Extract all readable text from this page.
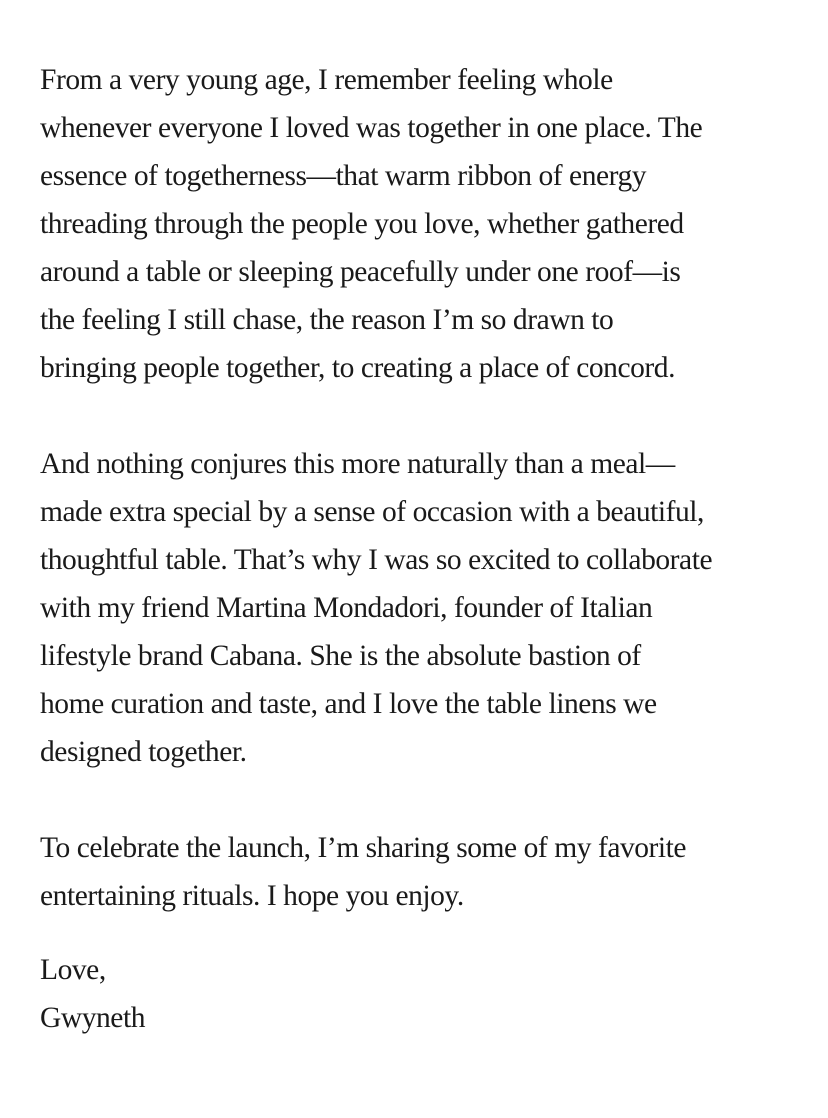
From a very young age, I remember feeling whole
whenever everyone I loved was together in one place. The
essence of togetherness—that warm ribbon of energy
threading through the people you love, whether gathered
around a table or sleeping peacefully under one roof—is
the feeling I still chase, the reason I’m so drawn to
bringing people together, to creating a place of concord.

And nothing conjures this more naturally than a meal—
made extra special by a sense of occasion with a beautiful,
thoughtful table. That’s why I was so excited to collaborate
with my friend Martina Mondadori, founder of Italian
lifestyle brand Cabana. She is the absolute bastion of
home curation and taste, and I love the table linens we
designed together.

To celebrate the launch, I’m sharing some of my favorite
entertaining rituals. I hope you enjoy.

Love,
Gwyneth
